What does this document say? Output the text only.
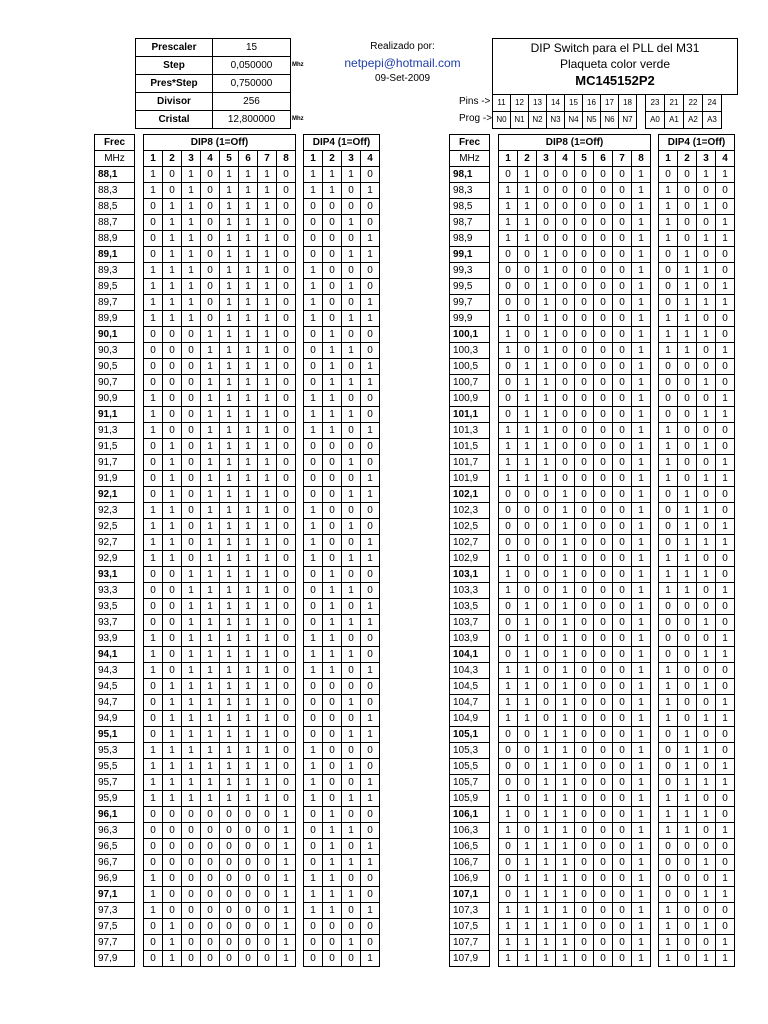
Prescaler	15
Step	0,050000
Pres*Step	0,750000
Divisor	256
Cristal	12,800000
Mhz
Mhz
Realizado por:
netpepi@hotmail.com
09-Set-2009
DIP Switch para el PLL del M31
Plaqueta color verde
MC145152P2
Pins ->
Prog ->
11	12	13	14	15	16	17	18		23	21	22	24
N0	N1	N2	N3	N4	N5	N6	N7		A0	A1	A2	A3
Frec		DIP8 (1=Off)									DIP4 (1=Off)			
MHz		1	2	3	4	5	6	7	8		1	2	3	4
88,1		1	0	1	0	1	1	1	0		1	1	1	0
88,3		1	0	1	0	1	1	1	0		1	1	0	1
88,5		0	1	1	0	1	1	1	0		0	0	0	0
88,7		0	1	1	0	1	1	1	0		0	0	1	0
88,9		0	1	1	0	1	1	1	0		0	0	0	1
89,1		0	1	1	0	1	1	1	0		0	0	1	1
89,3		1	1	1	0	1	1	1	0		1	0	0	0
89,5		1	1	1	0	1	1	1	0		1	0	1	0
89,7		1	1	1	0	1	1	1	0		1	0	0	1
89,9		1	1	1	0	1	1	1	0		1	0	1	1
90,1		0	0	0	1	1	1	1	0		0	1	0	0
90,3		0	0	0	1	1	1	1	0		0	1	1	0
90,5		0	0	0	1	1	1	1	0		0	1	0	1
90,7		0	0	0	1	1	1	1	0		0	1	1	1
90,9		1	0	0	1	1	1	1	0		1	1	0	0
91,1		1	0	0	1	1	1	1	0		1	1	1	0
91,3		1	0	0	1	1	1	1	0		1	1	0	1
91,5		0	1	0	1	1	1	1	0		0	0	0	0
91,7		0	1	0	1	1	1	1	0		0	0	1	0
91,9		0	1	0	1	1	1	1	0		0	0	0	1
92,1		0	1	0	1	1	1	1	0		0	0	1	1
92,3		1	1	0	1	1	1	1	0		1	0	0	0
92,5		1	1	0	1	1	1	1	0		1	0	1	0
92,7		1	1	0	1	1	1	1	0		1	0	0	1
92,9		1	1	0	1	1	1	1	0		1	0	1	1
93,1		0	0	1	1	1	1	1	0		0	1	0	0
93,3		0	0	1	1	1	1	1	0		0	1	1	0
93,5		0	0	1	1	1	1	1	0		0	1	0	1
93,7		0	0	1	1	1	1	1	0		0	1	1	1
93,9		1	0	1	1	1	1	1	0		1	1	0	0
94,1		1	0	1	1	1	1	1	0		1	1	1	0
94,3		1	0	1	1	1	1	1	0		1	1	0	1
94,5		0	1	1	1	1	1	1	0		0	0	0	0
94,7		0	1	1	1	1	1	1	0		0	0	1	0
94,9		0	1	1	1	1	1	1	0		0	0	0	1
95,1		0	1	1	1	1	1	1	0		0	0	1	1
95,3		1	1	1	1	1	1	1	0		1	0	0	0
95,5		1	1	1	1	1	1	1	0		1	0	1	0
95,7		1	1	1	1	1	1	1	0		1	0	0	1
95,9		1	1	1	1	1	1	1	0		1	0	1	1
96,1		0	0	0	0	0	0	0	1		0	1	0	0
96,3		0	0	0	0	0	0	0	1		0	1	1	0
96,5		0	0	0	0	0	0	0	1		0	1	0	1
96,7		0	0	0	0	0	0	0	1		0	1	1	1
96,9		1	0	0	0	0	0	0	1		1	1	0	0
97,1		1	0	0	0	0	0	0	1		1	1	1	0
97,3		1	0	0	0	0	0	0	1		1	1	0	1
97,5		0	1	0	0	0	0	0	1		0	0	0	0
97,7		0	1	0	0	0	0	0	1		0	0	1	0
97,9		0	1	0	0	0	0	0	1		0	0	0	1
Frec		DIP8 (1=Off)									DIP4 (1=Off)			
MHz		1	2	3	4	5	6	7	8		1	2	3	4
98,1		0	1	0	0	0	0	0	1		0	0	1	1
98,3		1	1	0	0	0	0	0	1		1	0	0	0
98,5		1	1	0	0	0	0	0	1		1	0	1	0
98,7		1	1	0	0	0	0	0	1		1	0	0	1
98,9		1	1	0	0	0	0	0	1		1	0	1	1
99,1		0	0	1	0	0	0	0	1		0	1	0	0
99,3		0	0	1	0	0	0	0	1		0	1	1	0
99,5		0	0	1	0	0	0	0	1		0	1	0	1
99,7		0	0	1	0	0	0	0	1		0	1	1	1
99,9		1	0	1	0	0	0	0	1		1	1	0	0
100,1		1	0	1	0	0	0	0	1		1	1	1	0
100,3		1	0	1	0	0	0	0	1		1	1	0	1
100,5		0	1	1	0	0	0	0	1		0	0	0	0
100,7		0	1	1	0	0	0	0	1		0	0	1	0
100,9		0	1	1	0	0	0	0	1		0	0	0	1
101,1		0	1	1	0	0	0	0	1		0	0	1	1
101,3		1	1	1	0	0	0	0	1		1	0	0	0
101,5		1	1	1	0	0	0	0	1		1	0	1	0
101,7		1	1	1	0	0	0	0	1		1	0	0	1
101,9		1	1	1	0	0	0	0	1		1	0	1	1
102,1		0	0	0	1	0	0	0	1		0	1	0	0
102,3		0	0	0	1	0	0	0	1		0	1	1	0
102,5		0	0	0	1	0	0	0	1		0	1	0	1
102,7		0	0	0	1	0	0	0	1		0	1	1	1
102,9		1	0	0	1	0	0	0	1		1	1	0	0
103,1		1	0	0	1	0	0	0	1		1	1	1	0
103,3		1	0	0	1	0	0	0	1		1	1	0	1
103,5		0	1	0	1	0	0	0	1		0	0	0	0
103,7		0	1	0	1	0	0	0	1		0	0	1	0
103,9		0	1	0	1	0	0	0	1		0	0	0	1
104,1		0	1	0	1	0	0	0	1		0	0	1	1
104,3		1	1	0	1	0	0	0	1		1	0	0	0
104,5		1	1	0	1	0	0	0	1		1	0	1	0
104,7		1	1	0	1	0	0	0	1		1	0	0	1
104,9		1	1	0	1	0	0	0	1		1	0	1	1
105,1		0	0	1	1	0	0	0	1		0	1	0	0
105,3		0	0	1	1	0	0	0	1		0	1	1	0
105,5		0	0	1	1	0	0	0	1		0	1	0	1
105,7		0	0	1	1	0	0	0	1		0	1	1	1
105,9		1	0	1	1	0	0	0	1		1	1	0	0
106,1		1	0	1	1	0	0	0	1		1	1	1	0
106,3		1	0	1	1	0	0	0	1		1	1	0	1
106,5		0	1	1	1	0	0	0	1		0	0	0	0
106,7		0	1	1	1	0	0	0	1		0	0	1	0
106,9		0	1	1	1	0	0	0	1		0	0	0	1
107,1		0	1	1	1	0	0	0	1		0	0	1	1
107,3		1	1	1	1	0	0	0	1		1	0	0	0
107,5		1	1	1	1	0	0	0	1		1	0	1	0
107,7		1	1	1	1	0	0	0	1		1	0	0	1
107,9		1	1	1	1	0	0	0	1		1	0	1	1
